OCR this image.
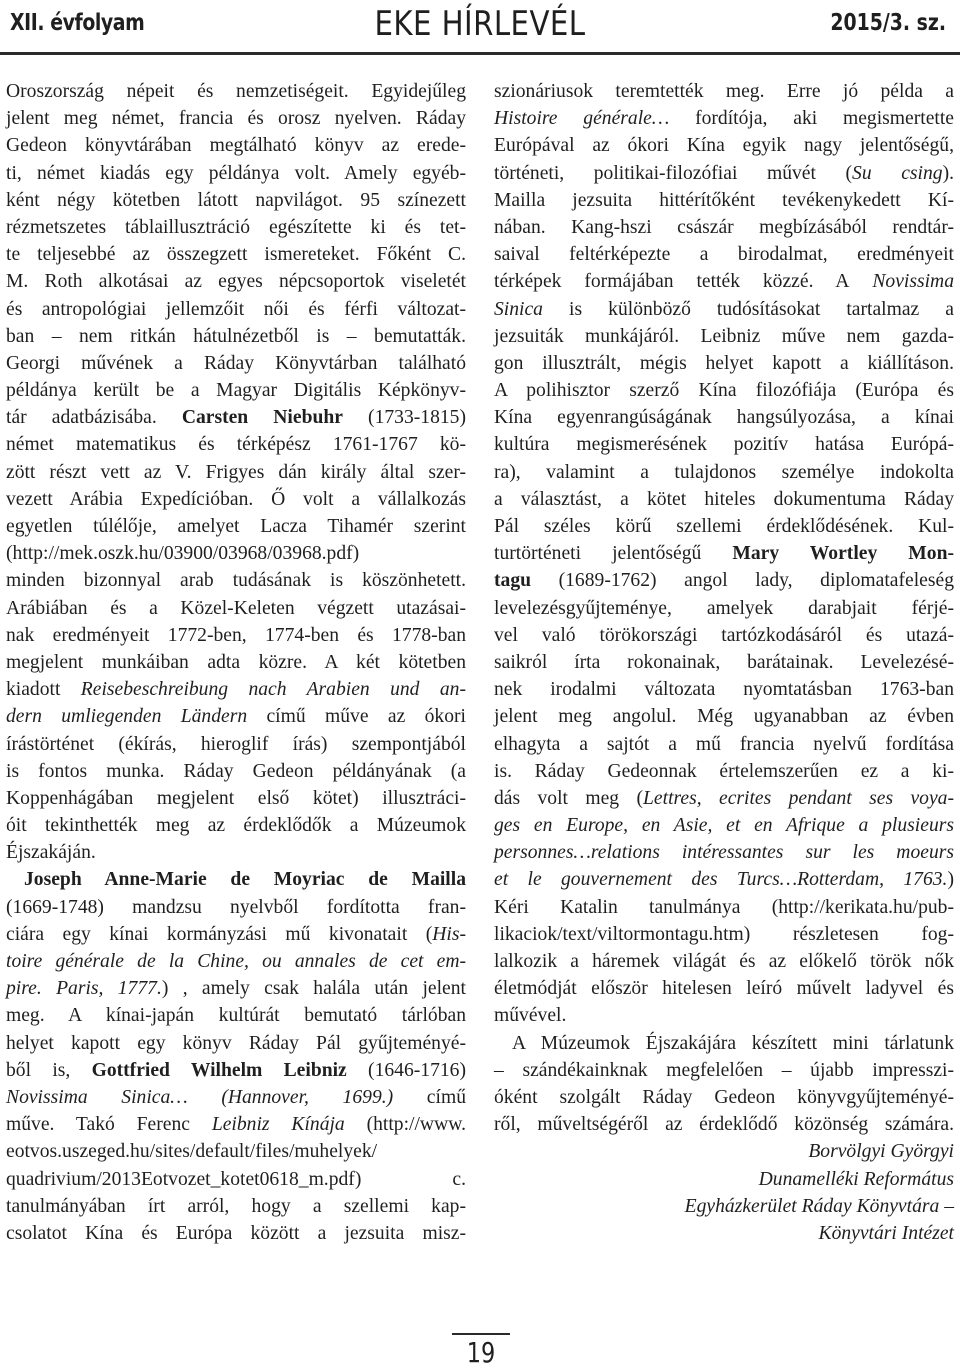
XII. évfolyam	EKE HÍRLEVÉL	2015/3. sz.
Oroszország népeit és nemzetiségeit. Egyidejűleg
jelent meg német, francia és orosz nyelven. Ráday
Gedeon könyvtárában megtálható könyv az erede-
ti, német kiadás egy példánya volt. Amely egyéb-
ként négy kötetben látott napvilágot. 95 színezett
rézmetszetes táblaillusztráció egészítette ki és tet-
te teljesebbé az összegzett ismereteket. Főként C.
M. Roth alkotásai az egyes népcsoportok viseletét
és antropológiai jellemzőit női és férfi változat-
ban – nem ritkán hátulnézetből is – bemutatták.
Georgi művének a Ráday Könyvtárban található
példánya került be a Magyar Digitális Képkönyv-
tár adatbázisába. Carsten Niebuhr (1733-1815)
német matematikus és térképész 1761-1767 kö-
zött részt vett az V. Frigyes dán király által szer-
vezett Arábia Expedícióban. Ő volt a vállalkozás
egyetlen túlélője, amelyet Lacza Tihamér szerint
(http://mek.oszk.hu/03900/03968/03968.pdf)
minden bizonnyal arab tudásának is köszönhetett.
Arábiában és a Közel-Keleten végzett utazásai-
nak eredményeit 1772-ben, 1774-ben és 1778-ban
megjelent munkáiban adta közre. A két kötetben
kiadott Reisebeschreibung nach Arabien und an-
dern umliegenden Ländern című műve az ókori
írástörténet (ékírás, hieroglif írás) szempontjából
is fontos munka. Ráday Gedeon példányának (a
Koppenhágában megjelent első kötet) illusztráci-
óit tekinthették meg az érdeklődők a Múzeumok
Éjszakáján.
Joseph Anne-Marie de Moyriac de Mailla
(1669-1748) mandzsu nyelvből fordította fran-
ciára egy kínai kormányzási mű kivonatait (His-
toire générale de la Chine, ou annales de cet em-
pire. Paris, 1777.) , amely csak halála után jelent
meg. A kínai-japán kultúrát bemutató tárlóban
helyet kapott egy könyv Ráday Pál gyűjteményé-
ből is, Gottfried Wilhelm Leibniz (1646-1716)
Novissima Sinica… (Hannover, 1699.) című
műve. Takó Ferenc Leibniz Kínája (http://www.
eotvos.uszeged.hu/sites/default/files/muhelyek/
quadrivium/2013Eotvozet_kotet0618_m.pdf) c.
tanulmányában írt arról, hogy a szellemi kap-
csolatot Kína és Európa között a jezsuita misz-
szionáriusok teremtették meg. Erre jó példa a
Histoire générale… fordítója, aki megismertette
Európával az ókori Kína egyik nagy jelentőségű,
történeti, politikai-filozófiai művét (Su csing).
Mailla jezsuita hittérítőként tevékenykedett Kí-
nában. Kang-hszi császár megbízásából rendtár-
saival feltérképezte a birodalmat, eredményeit
térképek formájában tették közzé. A Novissima
Sinica is különböző tudósításokat tartalmaz a
jezsuiták munkájáról. Leibniz műve nem gazda-
gon illusztrált, mégis helyet kapott a kiállításon.
A polihisztor szerző Kína filozófiája (Európa és
Kína egyenrangúságának hangsúlyozása, a kínai
kultúra megismerésének pozitív hatása Európá-
ra), valamint a tulajdonos személye indokolta
a választást, a kötet hiteles dokumentuma Ráday
Pál széles körű szellemi érdeklődésének. Kul-
turtörténeti jelentőségű Mary Wortley Mon-
tagu (1689-1762) angol lady, diplomatafeleség
levelezésgyűjteménye, amelyek darabjait férjé-
vel való törökországi tartózkodásáról és utazá-
saikról írta rokonainak, barátainak. Levelezésé-
nek irodalmi változata nyomtatásban 1763-ban
jelent meg angolul. Még ugyanabban az évben
elhagyta a sajtót a mű francia nyelvű fordítása
is. Ráday Gedeonnak értelemszerűen ez a ki-
dás volt meg (Lettres, ecrites pendant ses voya-
ges en Europe, en Asie, et en Afrique a plusieurs
personnes…relations intéressantes sur les moeurs
et le gouvernement des Turcs…Rotterdam, 1763.)
Kéri Katalin tanulmánya (http://kerikata.hu/pub-
likaciok/text/viltormontagu.htm) részletesen fog-
lalkozik a háremek világát és az előkelő török nők
életmódját először hitelesen leíró művelt ladyvel és
művével.
A Múzeumok Éjszakájára készített mini tárlatunk
– szándékainknak megfelelően – újabb impresszi-
óként szolgált Ráday Gedeon könyvgyűjteményé-
ről, műveltségéről az érdeklődő közönség számára.
Borvölgyi Györgyi
Dunamelléki Református
Egyházkerület Ráday Könyvtára –
Könyvtári Intézet
19
